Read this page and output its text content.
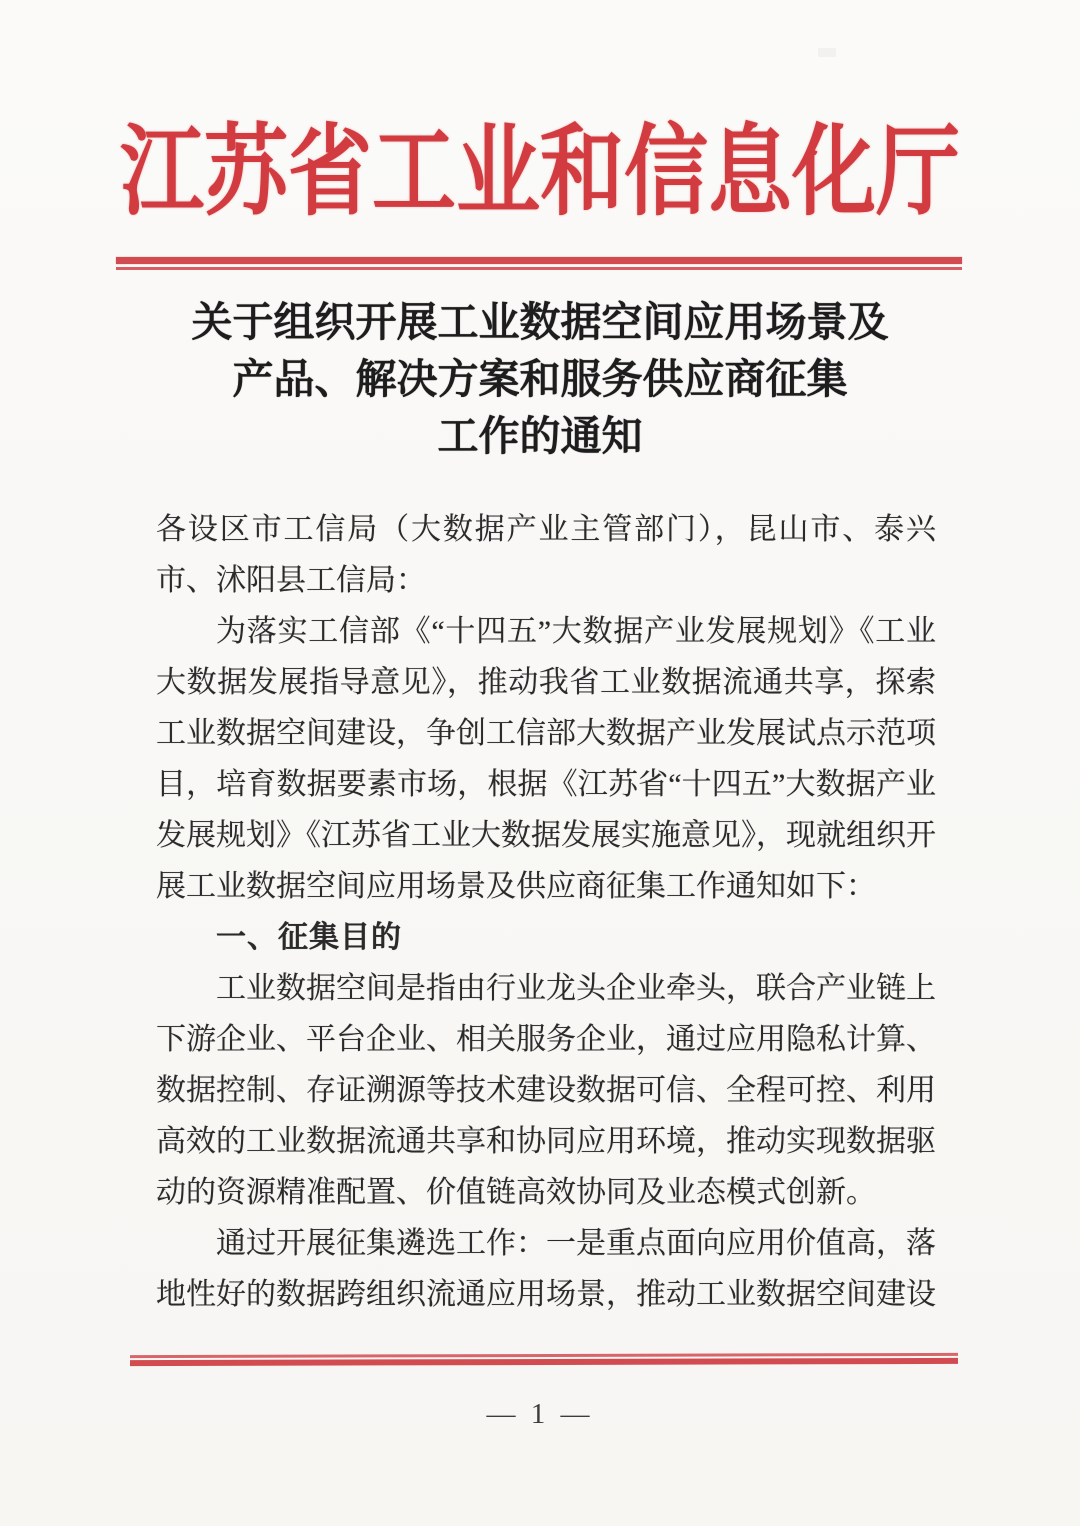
江苏省工业和信息化厅
关于组织开展工业数据空间应用场景及
产品、解决方案和服务供应商征集
工作的通知

各设区市工信局（大数据产业主管部门），昆山市、泰兴市、沭阳县工信局：

为落实工信部《“十四五”大数据产业发展规划》《工业大数据发展指导意见》，推动我省工业数据流通共享，探索工业数据空间建设，争创工信部大数据产业发展试点示范项目，培育数据要素市场，根据《江苏省“十四五”大数据产业发展规划》《江苏省工业大数据发展实施意见》，现就组织开展工业数据空间应用场景及供应商征集工作通知如下：

一、征集目的

工业数据空间是指由行业龙头企业牵头，联合产业链上下游企业、平台企业、相关服务企业，通过应用隐私计算、数据控制、存证溯源等技术建设数据可信、全程可控、利用高效的工业数据流通共享和协同应用环境，推动实现数据驱动的资源精准配置、价值链高效协同及业态模式创新。

通过开展征集遴选工作：一是重点面向应用价值高，落地性好的数据跨组织流通应用场景，推动工业数据空间建设

— 1 —
